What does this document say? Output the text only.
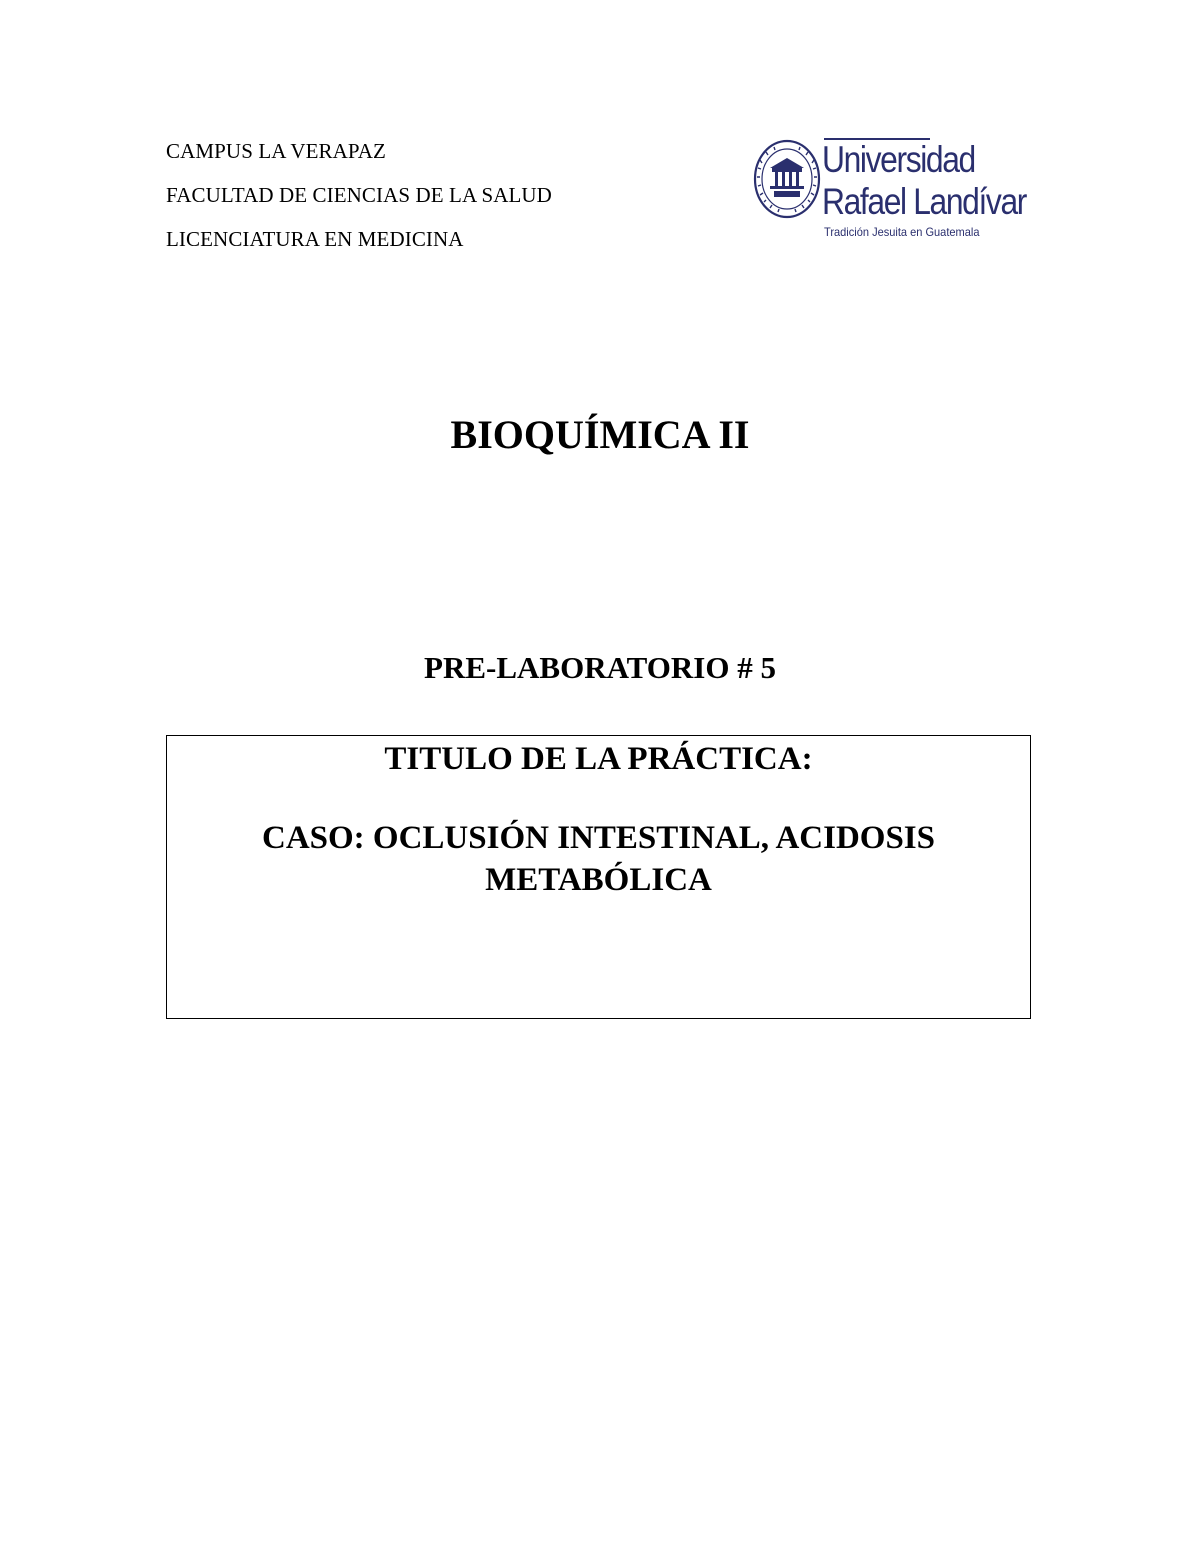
CAMPUS LA VERAPAZ
FACULTAD DE CIENCIAS DE LA SALUD
LICENCIATURA EN MEDICINA
Universidad
Rafael Landívar
Tradición Jesuita en Guatemala
BIOQUÍMICA II
PRE-LABORATORIO # 5
TITULO DE LA PRÁCTICA:
CASO: OCLUSIÓN INTESTINAL, ACIDOSIS
METABÓLICA
